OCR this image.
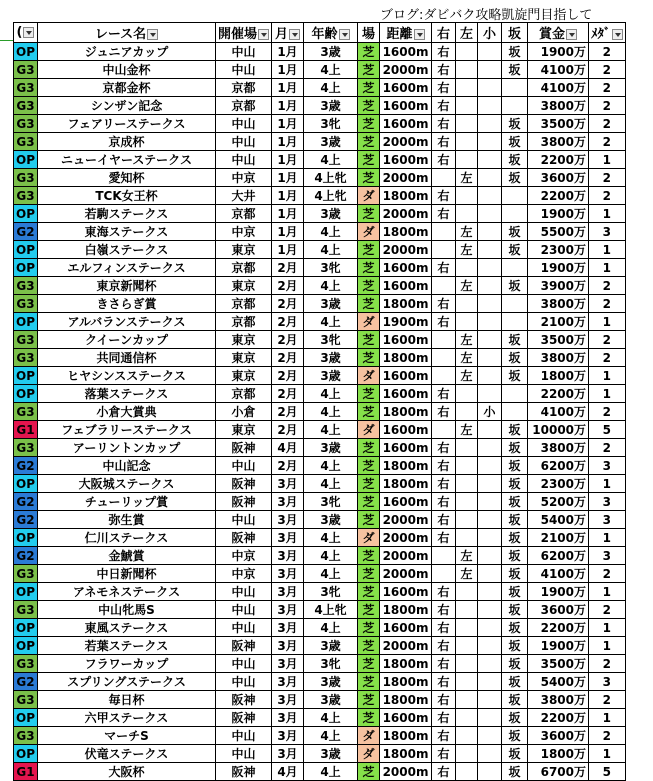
ブログ:ダビバク攻略凱旋門目指して
(	レース名	開催場	月	年齢	場	距離	右	左	小	坂	賞金	ﾒﾀﾞ
OP	ジュニアカップ	中山	1月	3歳	芝	1600m	右			坂	1900万	2
G3	中山金杯	中山	1月	4上	芝	2000m	右			坂	4100万	2
G3	京都金杯	京都	1月	4上	芝	1600m	右				4100万	2
G3	シンザン記念	京都	1月	3歳	芝	1600m	右				3800万	2
G3	フェアリーステークス	中山	1月	3牝	芝	1600m	右			坂	3500万	2
G3	京成杯	中山	1月	3歳	芝	2000m	右			坂	3800万	2
OP	ニューイヤーステークス	中山	1月	4上	芝	1600m	右			坂	2200万	1
G3	愛知杯	中京	1月	4上牝	芝	2000m		左		坂	3600万	2
G3	TCK女王杯	大井	1月	4上牝	ダ	1800m	右				2200万	2
OP	若駒ステークス	京都	1月	3歳	芝	2000m	右				1900万	1
G2	東海ステークス	中京	1月	4上	ダ	1800m		左		坂	5500万	3
OP	白嶺ステークス	東京	1月	4上	芝	2000m		左		坂	2300万	1
OP	エルフィンステークス	京都	2月	3牝	芝	1600m	右				1900万	1
G3	東京新聞杯	東京	2月	4上	芝	1600m		左		坂	3900万	2
G3	きさらぎ賞	京都	2月	3歳	芝	1800m	右				3800万	2
OP	アルバランステークス	京都	2月	4上	ダ	1900m	右				2100万	1
G3	クイーンカップ	東京	2月	3牝	芝	1600m		左		坂	3500万	2
G3	共同通信杯	東京	2月	3歳	芝	1800m		左		坂	3800万	2
OP	ヒヤシンスステークス	東京	2月	3歳	ダ	1600m		左		坂	1800万	1
OP	落葉ステークス	京都	2月	4上	芝	1600m	右				2200万	1
G3	小倉大賞典	小倉	2月	4上	芝	1800m	右		小		4100万	2
G1	フェブラリーステークス	東京	2月	4上	ダ	1600m		左		坂	10000万	5
G3	アーリントンカップ	阪神	4月	3歳	芝	1600m	右			坂	3800万	2
G2	中山記念	中山	2月	4上	芝	1800m	右			坂	6200万	3
OP	大阪城ステークス	阪神	3月	4上	芝	1800m	右			坂	2300万	1
G2	チューリップ賞	阪神	3月	3牝	芝	1600m	右			坂	5200万	3
G2	弥生賞	中山	3月	3歳	芝	2000m	右			坂	5400万	3
OP	仁川ステークス	阪神	3月	4上	ダ	2000m	右			坂	2100万	1
G2	金鯱賞	中京	3月	4上	芝	2000m		左		坂	6200万	3
G3	中日新聞杯	中京	3月	4上	芝	2000m		左		坂	4100万	2
OP	アネモネステークス	中山	3月	3牝	芝	1600m	右			坂	1900万	1
G3	中山牝馬S	中山	3月	4上牝	芝	1800m	右			坂	3600万	2
OP	東風ステークス	中山	3月	4上	芝	1600m	右			坂	2200万	1
OP	若葉ステークス	阪神	3月	3歳	芝	2000m	右			坂	1900万	1
G3	フラワーカップ	中山	3月	3牝	芝	1800m	右			坂	3500万	2
G2	スプリングステークス	中山	3月	3歳	芝	1800m	右			坂	5400万	3
G3	毎日杯	阪神	3月	3歳	芝	1800m	右			坂	3800万	2
OP	六甲ステークス	阪神	3月	4上	芝	1600m	右			坂	2200万	1
G3	マーチS	中山	3月	4上	ダ	1800m	右			坂	3600万	2
OP	伏竜ステークス	中山	3月	3歳	ダ	1800m	右			坂	1800万	1
G1	大阪杯	阪神	4月	4上	芝	2000m	右			坂	6700万	5
